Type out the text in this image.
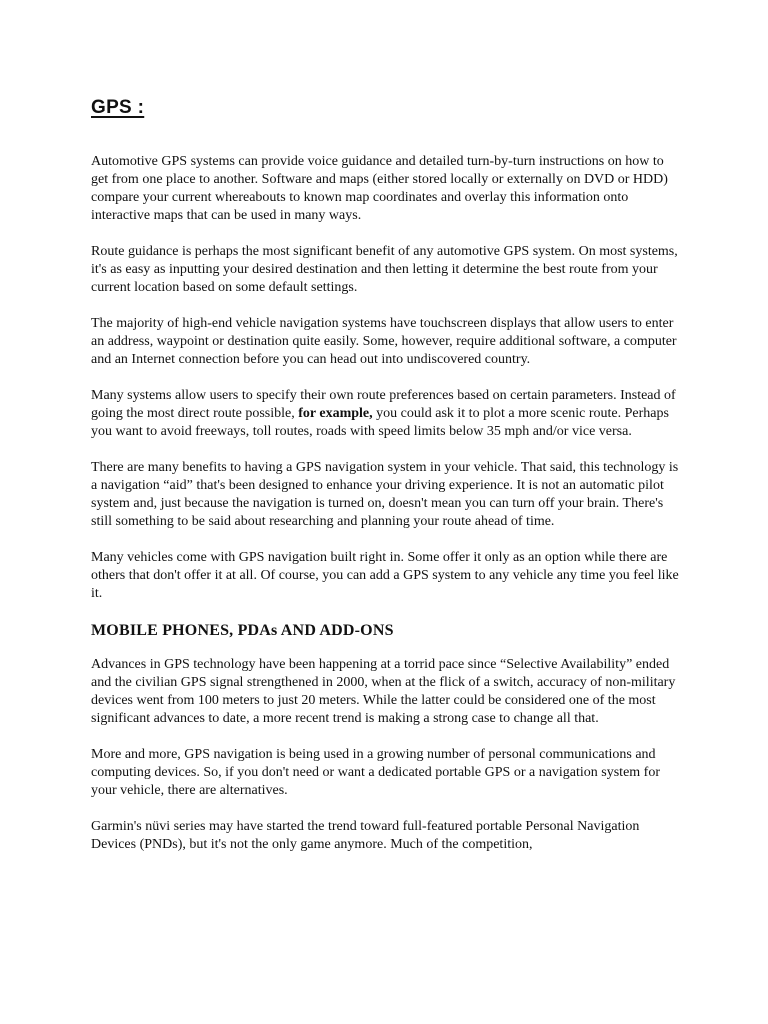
GPS :

Automotive GPS systems can provide voice guidance and detailed turn-by-turn instructions on how to get from one place to another. Software and maps (either stored locally or externally on DVD or HDD) compare your current whereabouts to known map coordinates and overlay this information onto interactive maps that can be used in many ways.

Route guidance is perhaps the most significant benefit of any automotive GPS system. On most systems, it's as easy as inputting your desired destination and then letting it determine the best route from your current location based on some default settings.

The majority of high-end vehicle navigation systems have touchscreen displays that allow users to enter an address, waypoint or destination quite easily. Some, however, require additional software, a computer and an Internet connection before you can head out into undiscovered country.

Many systems allow users to specify their own route preferences based on certain parameters. Instead of going the most direct route possible, for example, you could ask it to plot a more scenic route. Perhaps you want to avoid freeways, toll routes, roads with speed limits below 35 mph and/or vice versa.

There are many benefits to having a GPS navigation system in your vehicle. That said, this technology is a navigation “aid” that's been designed to enhance your driving experience. It is not an automatic pilot system and, just because the navigation is turned on, doesn't mean you can turn off your brain. There's still something to be said about researching and planning your route ahead of time.

Many vehicles come with GPS navigation built right in. Some offer it only as an option while there are others that don't offer it at all. Of course, you can add a GPS system to any vehicle any time you feel like it.

MOBILE PHONES, PDAs AND ADD-ONS

Advances in GPS technology have been happening at a torrid pace since “Selective Availability” ended and the civilian GPS signal strengthened in 2000, when at the flick of a switch, accuracy of non-military devices went from 100 meters to just 20 meters. While the latter could be considered one of the most significant advances to date, a more recent trend is making a strong case to change all that.

More and more, GPS navigation is being used in a growing number of personal communications and computing devices. So, if you don't need or want a dedicated portable GPS or a navigation system for your vehicle, there are alternatives.

Garmin's nüvi series may have started the trend toward full-featured portable Personal Navigation Devices (PNDs), but it's not the only game anymore. Much of the competition,
